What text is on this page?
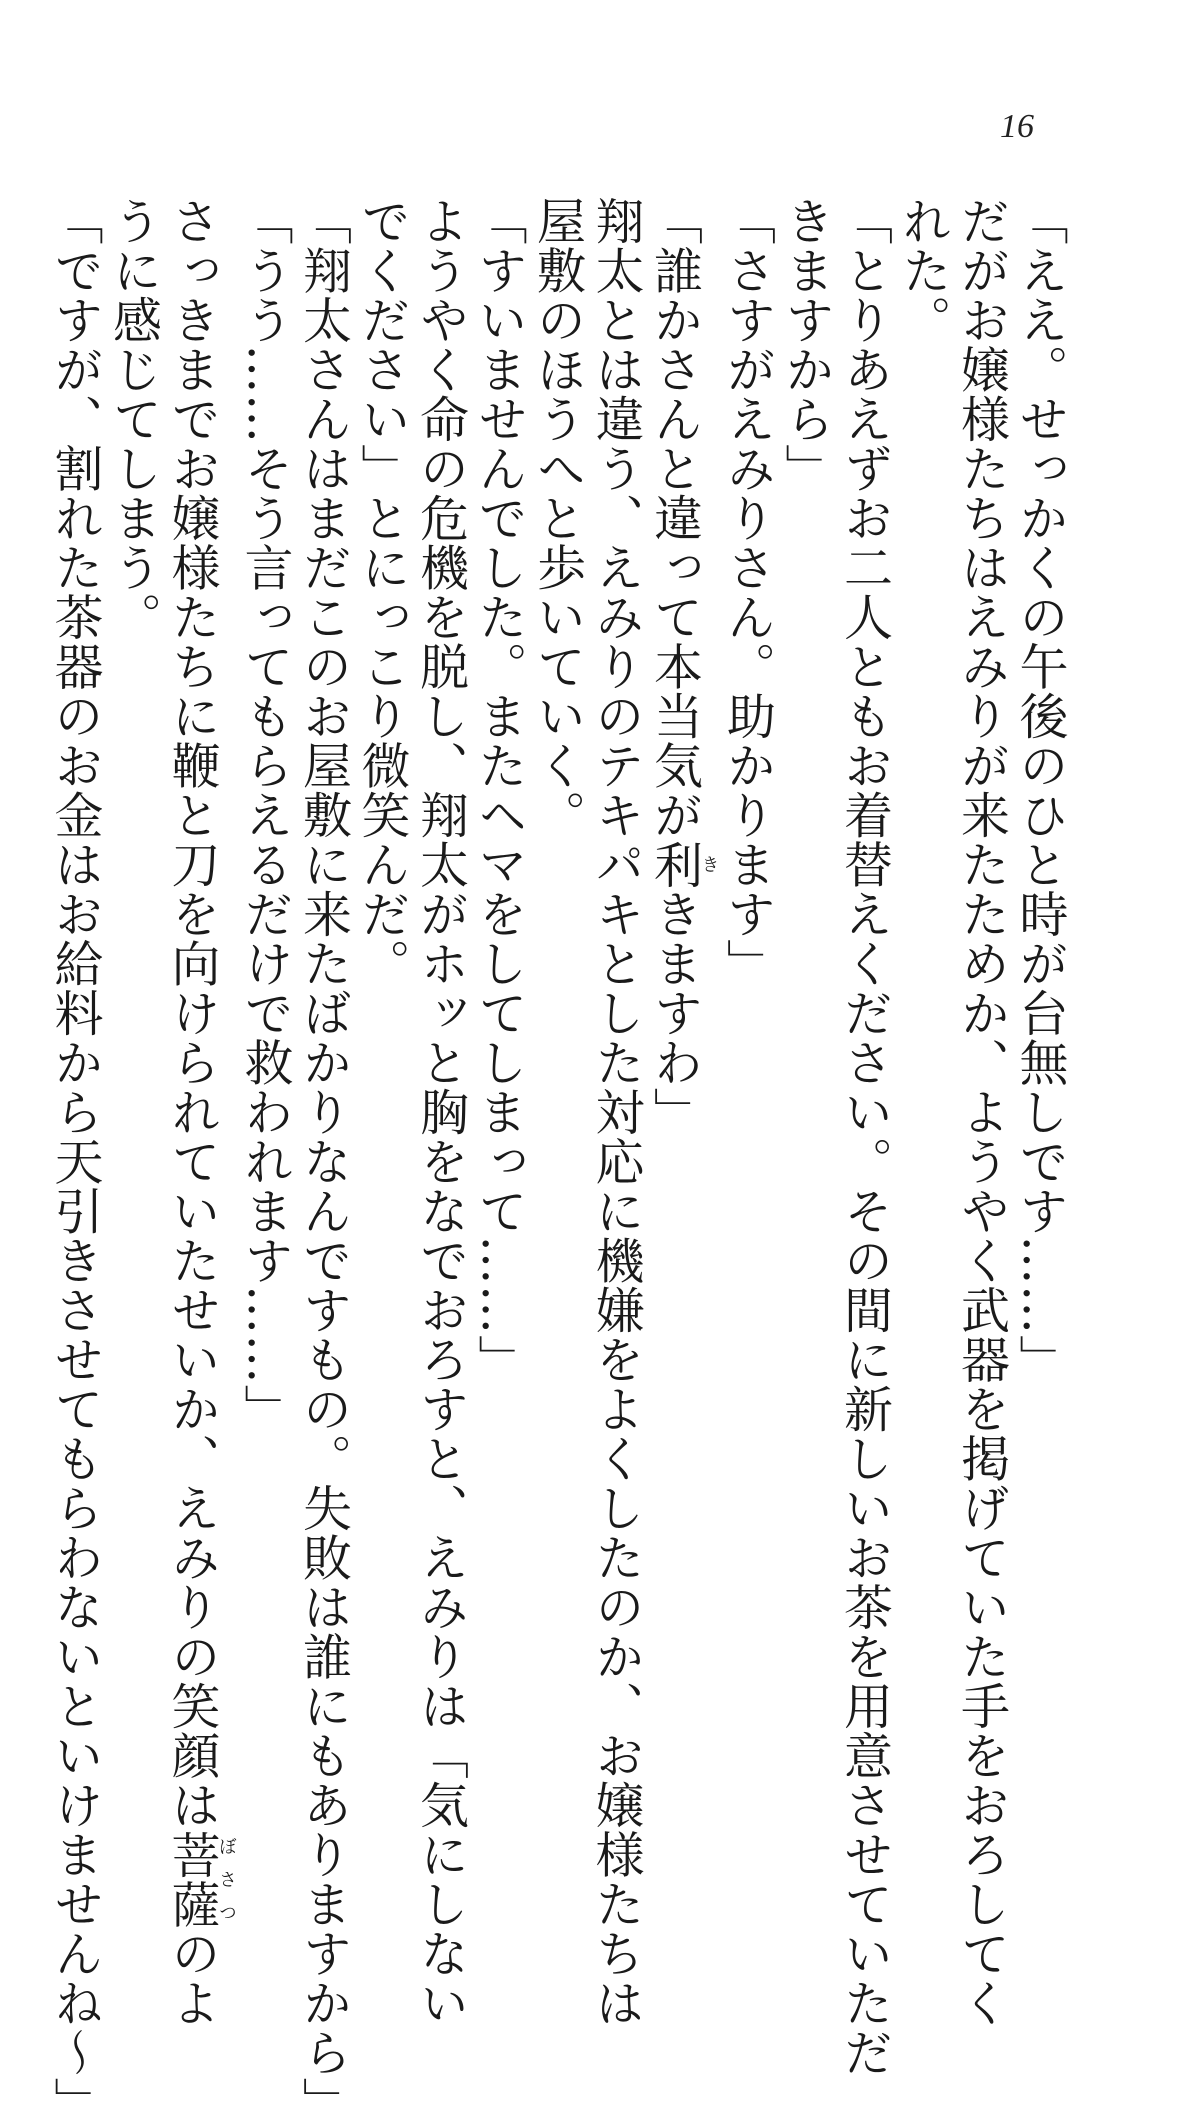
16
「ええ。せっかくの午後のひと時が台無しです……」
だがお嬢様たちはえみりが来たためか、ようやく武器を掲げていた手をおろしてく
れた。
「とりあえずお二人ともお着替えください。その間に新しいお茶を用意させていただ
きますから」
「さすがえみりさん。助かります」
「誰かさんと違って本当気が利ききますわ」
翔太とは違う、えみりのテキパキとした対応に機嫌をよくしたのか、お嬢様たちは
屋敷のほうへと歩いていく。
「すいませんでした。またヘマをしてしまって……」
ようやく命の危機を脱し、翔太がホッと胸をなでおろすと、えみりは「気にしない
でください」とにっこり微笑んだ。
「翔太さんはまだこのお屋敷に来たばかりなんですもの。失敗は誰にもありますから」
「うう……そう言ってもらえるだけで救われます……」
さっきまでお嬢様たちに鞭と刀を向けられていたせいか、えみりの笑顔は菩薩ぼさつのよ
うに感じてしまう。
「ですが、割れた茶器のお金はお給料から天引きさせてもらわないといけませんね～」
